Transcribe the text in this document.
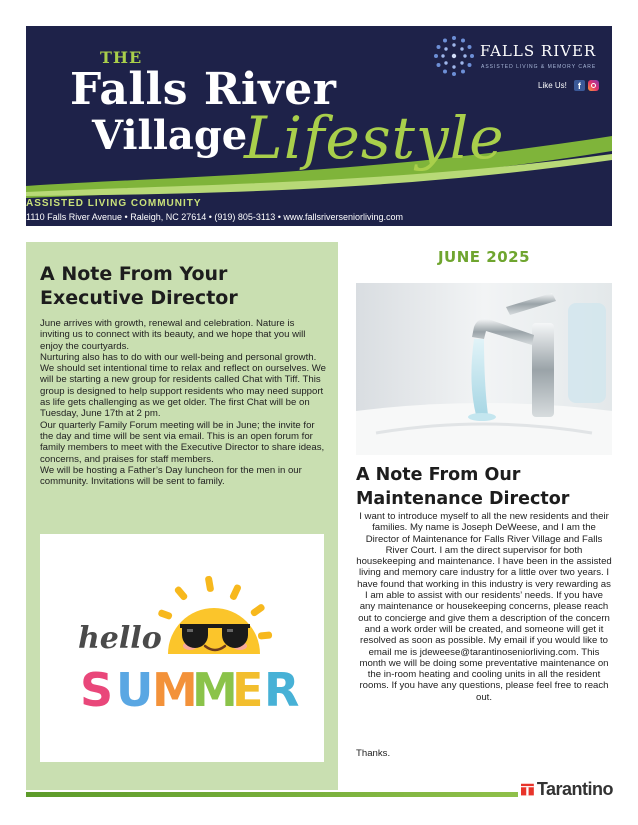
THE
Falls River
Village
Lifestyle
ASSISTED LIVING COMMUNITY
1110 Falls River Avenue • Raleigh, NC 27614 • (919) 805-3113 • www.fallsriverseniorliving.com
FALLS RIVER
ASSISTED LIVING & MEMORY CARE
Like Us!	f
A Note From Your Executive Director

June arrives with growth, renewal and celebration. Nature is inviting us to connect with its beauty, and we hope that you will enjoy the courtyards.

Nurturing also has to do with our well-being and personal growth. We should set intentional time to relax and reflect on ourselves. We will be starting a new group for residents called Chat with Tiff. This group is designed to help support residents who may need support as life gets challenging as we get older. The first Chat will be on Tuesday, June 17th at 2 pm.

Our quarterly Family Forum meeting will be in June; the invite for the day and time will be sent via email. This is an open forum for family members to meet with the Executive Director to share ideas, concerns, and praises for staff members.

We will be hosting a Father’s Day luncheon for the men in our community. Invitations will be sent to family.

hello
S U
M
M
E R
JUNE 2025
A Note From Our Maintenance Director

I want to introduce myself to all the new residents and their families. My name is Joseph DeWeese, and I am the Director of Maintenance for Falls River Village and Falls River Court. I am the direct supervisor for both housekeeping and maintenance. I have been in the assisted living and memory care industry for a little over two years. I have found that working in this industry is very rewarding as I am able to assist with our residents’ needs. If you have any maintenance or housekeeping concerns, please reach out to concierge and give them a description of the concern and a work order will be created, and someone will get it resolved as soon as possible. My email if you would like to email me is jdeweese@tarantinoseniorliving.com. This month we will be doing some preventative maintenance on the in-room heating and cooling units in all the resident rooms. If you have any questions, please feel free to reach out.

Thanks.

Tarantino
